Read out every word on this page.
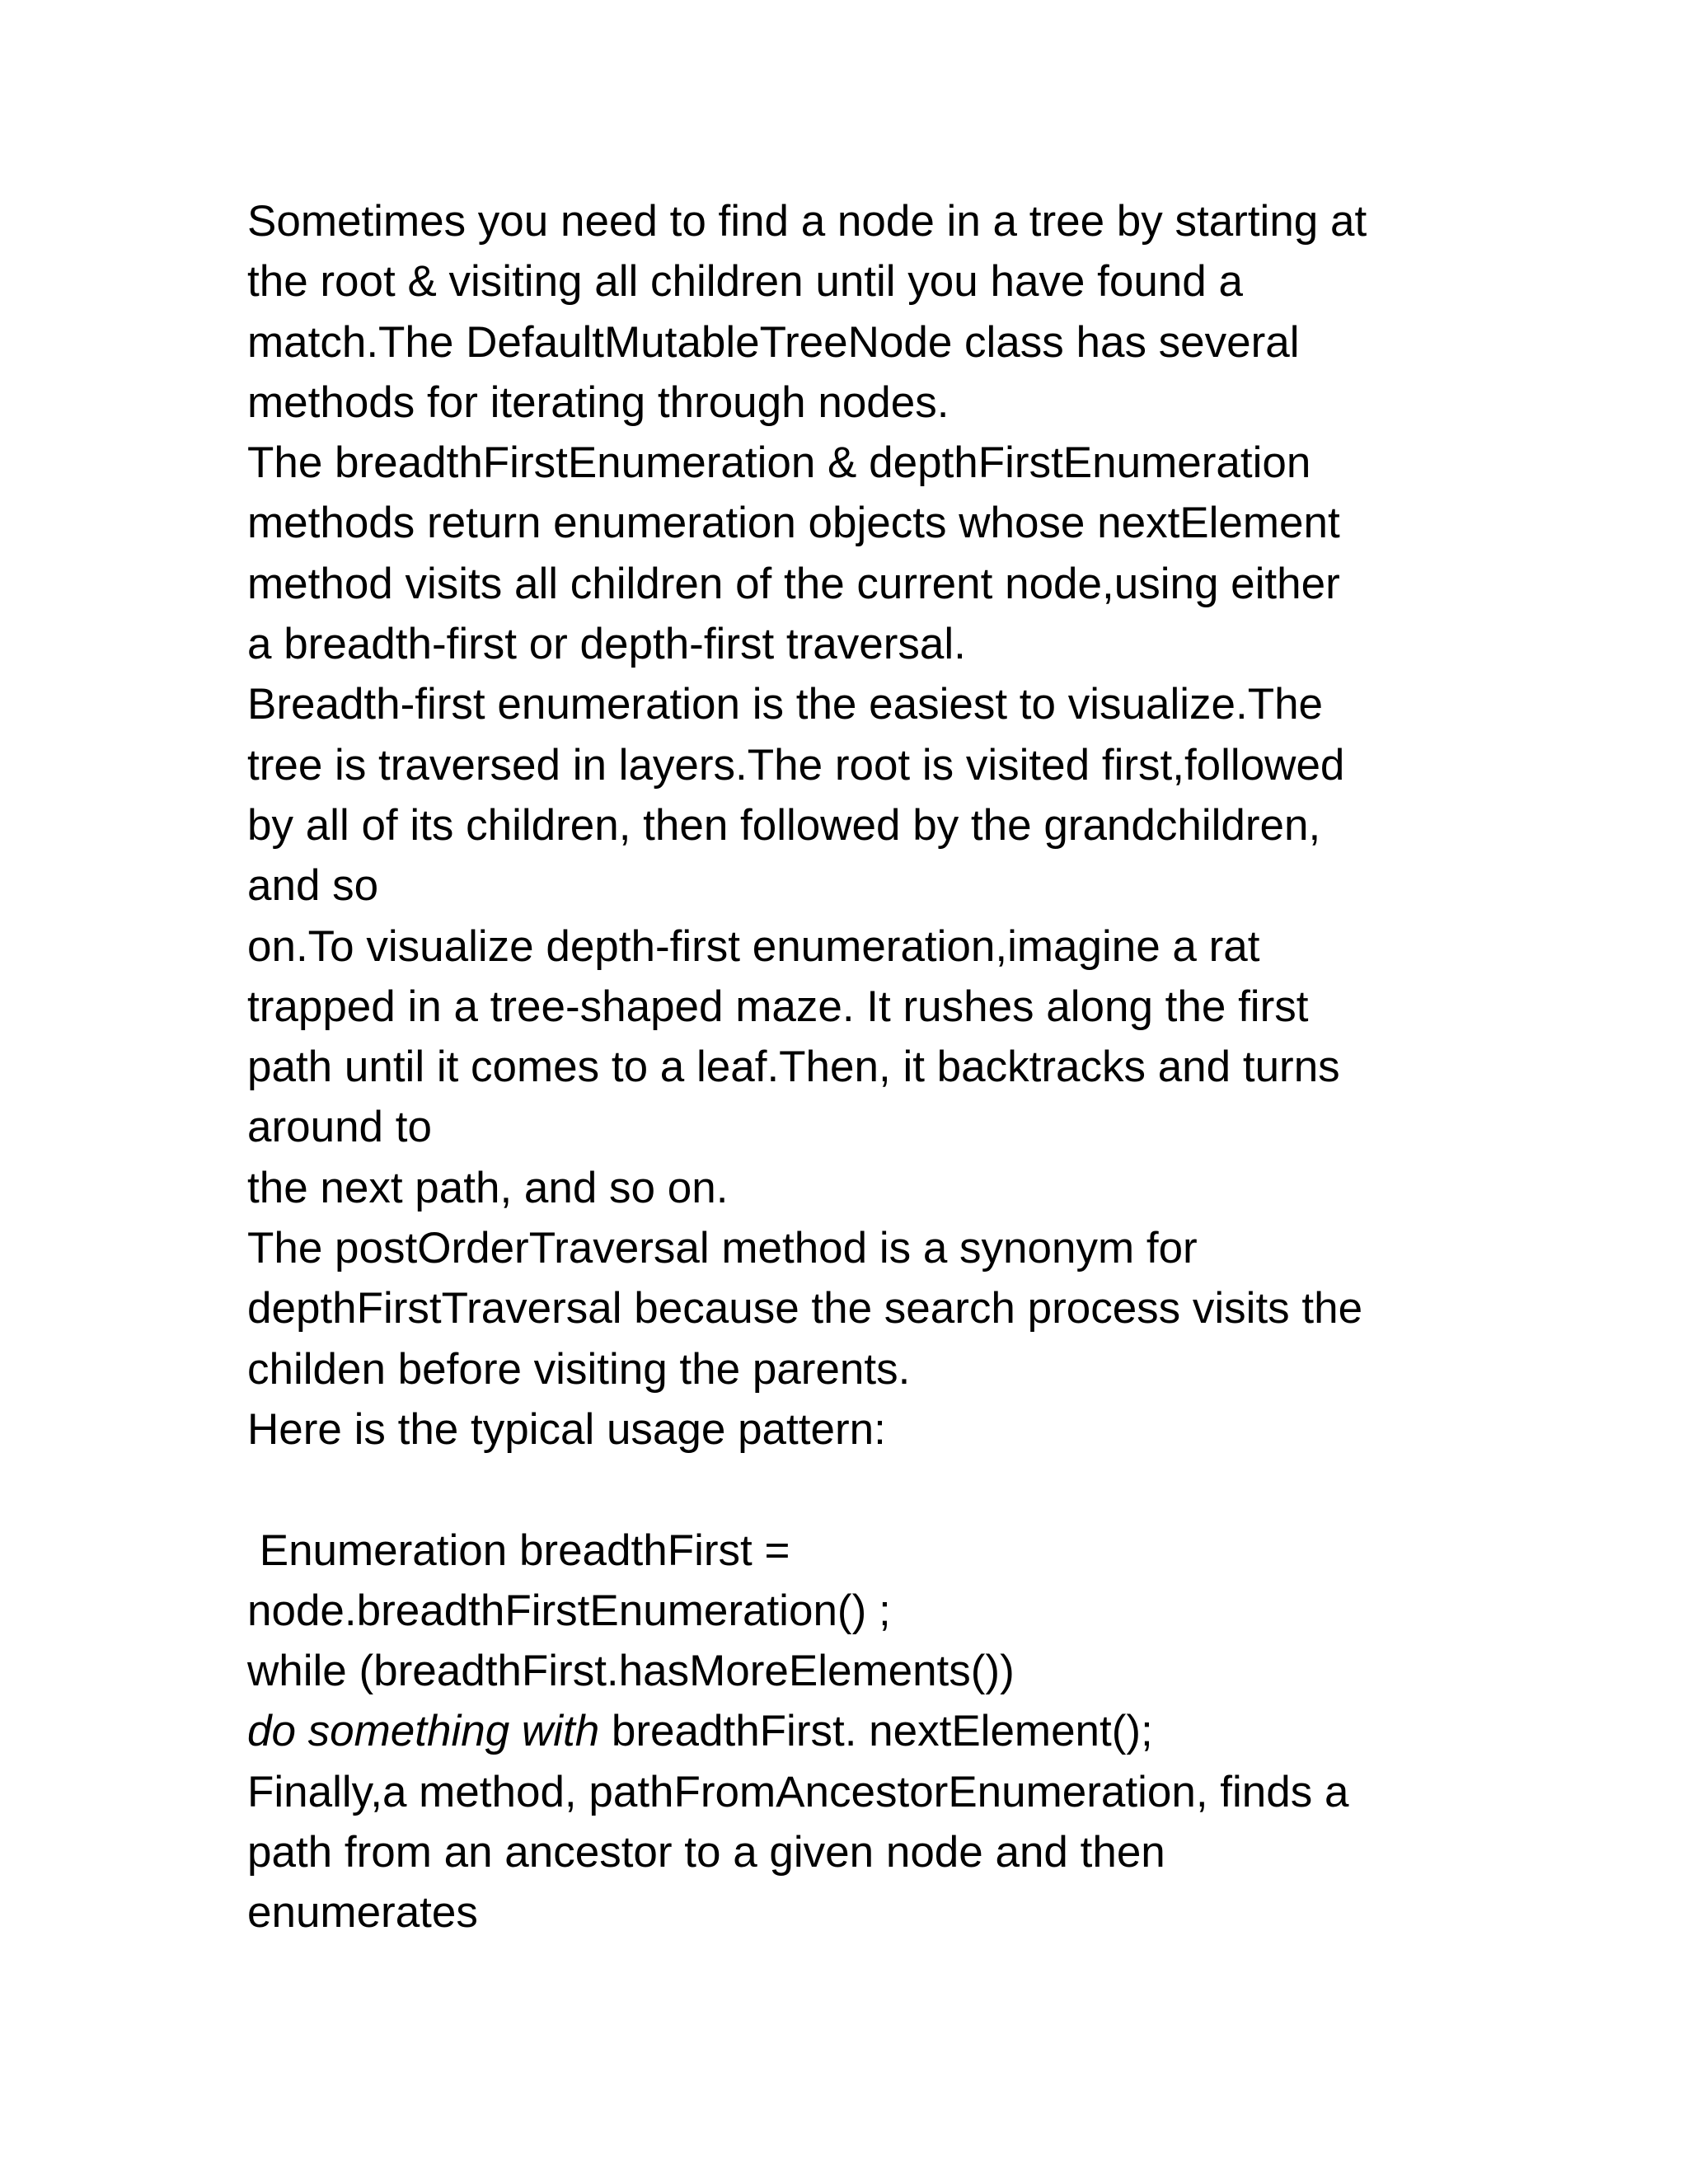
Sometimes you need to find a node in a tree by starting at
the root & visiting all children until you have found a
match.The DefaultMutableTreeNode class has several
methods for iterating through nodes.
The breadthFirstEnumeration & depthFirstEnumeration
methods return enumeration objects whose nextElement
method visits all children of the current node,using either
a breadth-first or depth-first traversal.
Breadth-first enumeration is the easiest to visualize.The
tree is traversed in layers.The root is visited first,followed
by all of its children, then followed by the grandchildren,
and so
on.To visualize depth-first enumeration,imagine a rat
trapped in a tree-shaped maze. It rushes along the first
path until it comes to a leaf.Then, it backtracks and turns
around to
the next path, and so on.
The postOrderTraversal method is a synonym for
depthFirstTraversal because the search process visits the
childen before visiting the parents.
Here is the typical usage pattern:
Enumeration breadthFirst =
node.breadthFirstEnumeration() ;
while (breadthFirst.hasMoreElements())
do something with breadthFirst. nextElement();
Finally,a method, pathFromAncestorEnumeration, finds a
path from an ancestor to a given node and then
enumerates
